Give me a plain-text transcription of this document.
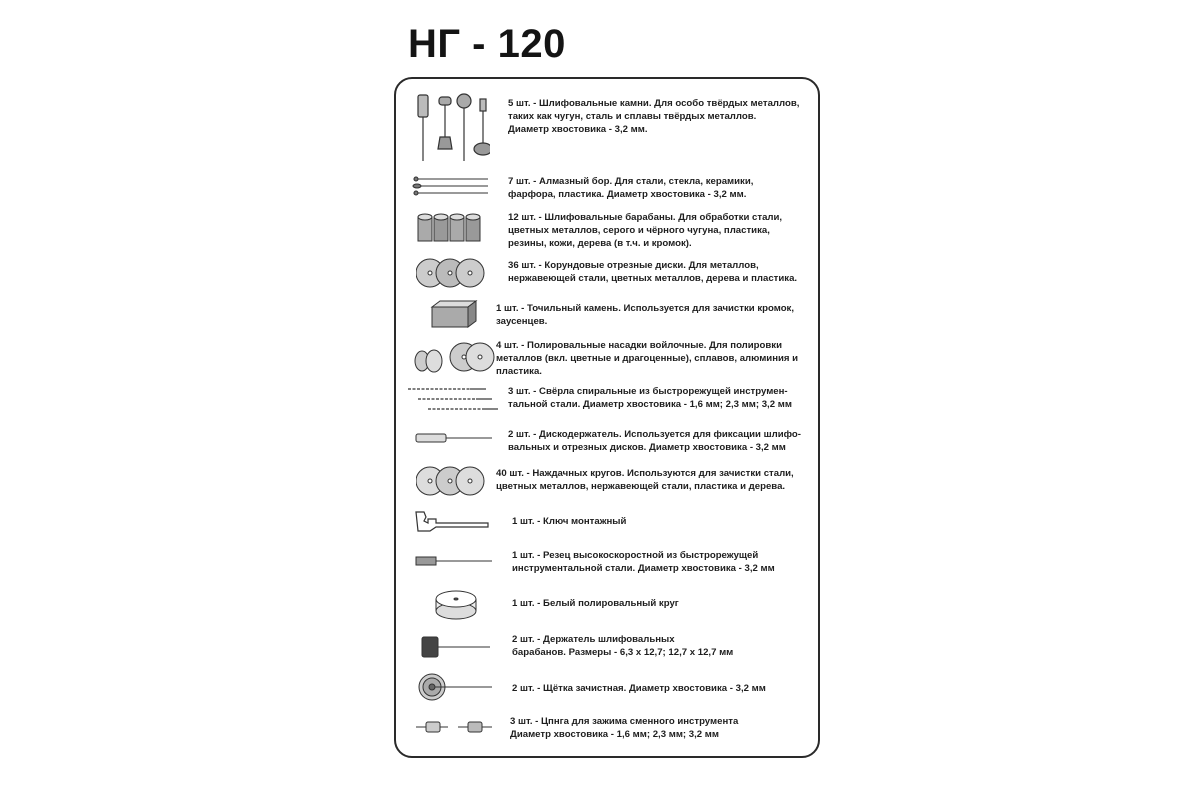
НГ - 120
5 шт. - Шлифовальные камни. Для особо твёрдых металлов,
таких как чугун, сталь и сплавы твёрдых металлов.
Диаметр хвостовика - 3,2 мм.
7 шт. - Алмазный бор. Для стали, стекла, керамики,
фарфора, пластика. Диаметр хвостовика - 3,2 мм.
12 шт. - Шлифовальные барабаны. Для обработки стали,
цветных металлов, серого и чёрного чугуна, пластика,
резины, кожи, дерева (в т.ч. и кромок).
36 шт. - Корундовые отрезные диски. Для металлов,
нержавеющей стали, цветных металлов, дерева и пластика.
1 шт. - Точильный камень. Используется для зачистки кромок,
заусенцев.
4 шт. - Полировальные насадки войлочные. Для полировки
металлов (вкл. цветные и драгоценные), сплавов, алюминия и
пластика.
3 шт. - Свёрла спиральные из быстрорежущей инструмен-
тальной стали. Диаметр хвостовика - 1,6 мм; 2,3 мм; 3,2 мм
2 шт. - Дискодержатель. Используется для фиксации шлифо-
вальных и отрезных дисков. Диаметр хвостовика - 3,2 мм
40 шт. - Наждачных кругов. Используются для зачистки стали,
цветных металлов, нержавеющей стали, пластика и дерева.
1 шт. - Ключ монтажный
1 шт. - Резец высокоскоростной из быстрорежущей
инструментальной стали. Диаметр хвостовика - 3,2 мм
1 шт. - Белый полировальный круг
2 шт. - Держатель шлифовальных
барабанов. Размеры - 6,3 х 12,7; 12,7 х 12,7 мм
2 шт. - Щётка зачистная. Диаметр хвостовика - 3,2 мм
3 шт. - Цпнга для зажима сменного инструмента
Диаметр хвостовика - 1,6 мм; 2,3 мм; 3,2 мм
